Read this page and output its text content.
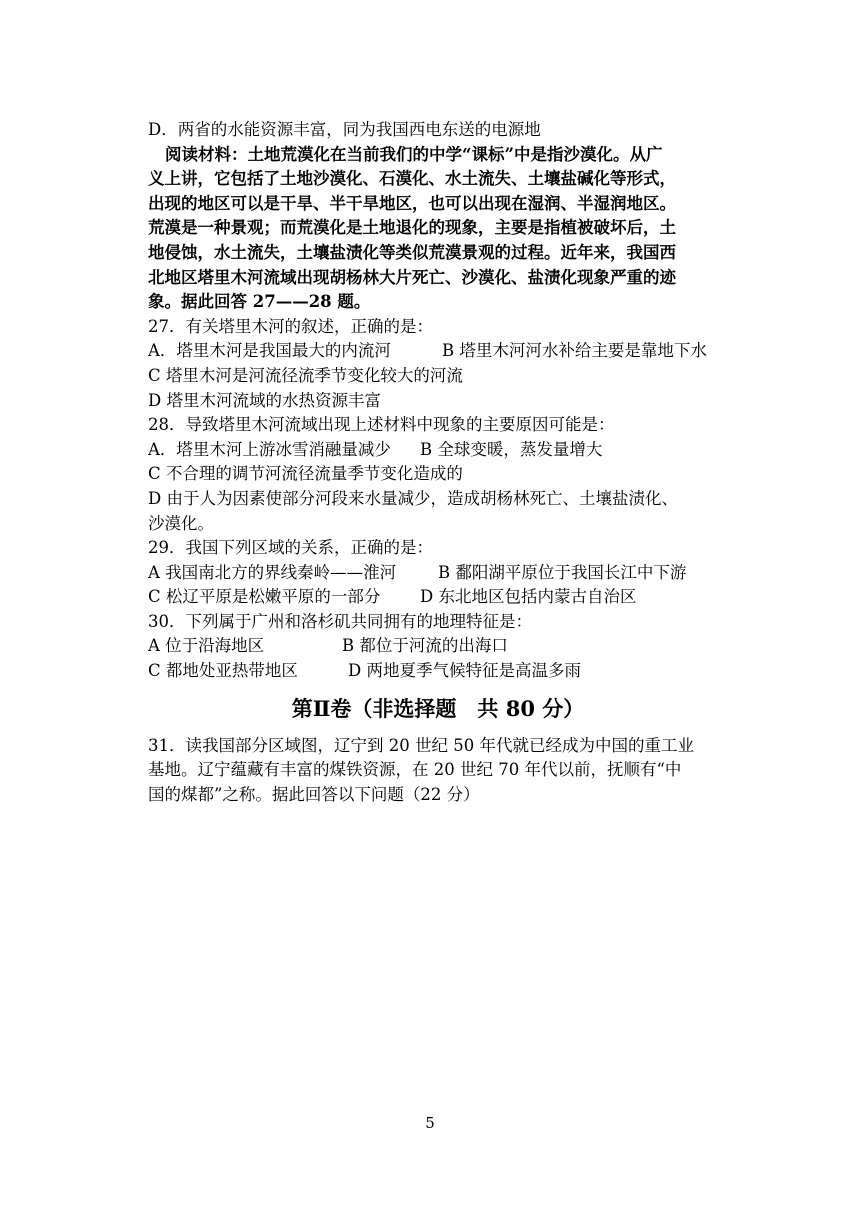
D．两省的水能资源丰富，同为我国西电东送的电源地
阅读材料：土地荒漠化在当前我们的中学“课标”中是指沙漠化。从广
义上讲，它包括了土地沙漠化、石漠化、水土流失、土壤盐碱化等形式，
出现的地区可以是干旱、半干旱地区，也可以出现在湿润、半湿润地区。
荒漠是一种景观；而荒漠化是土地退化的现象，主要是指植被破坏后，土
地侵蚀，水土流失，土壤盐渍化等类似荒漠景观的过程。近年来，我国西
北地区塔里木河流域出现胡杨林大片死亡、沙漠化、盐渍化现象严重的迹
象。据此回答 27——28 题。
27．有关塔里木河的叙述，正确的是：
A．塔里木河是我国最大的内流河	B 塔里木河河水补给主要是靠地下水
C 塔里木河是河流径流季节变化较大的河流
D 塔里木河流域的水热资源丰富
28．导致塔里木河流域出现上述材料中现象的主要原因可能是：
A．塔里木河上游冰雪消融量减少	B 全球变暖，蒸发量增大
C 不合理的调节河流径流量季节变化造成的
D 由于人为因素使部分河段来水量减少，造成胡杨林死亡、土壤盐渍化、
沙漠化。
29．我国下列区域的关系，正确的是：
A 我国南北方的界线秦岭——淮河	B 鄱阳湖平原位于我国长江中下游
C 松辽平原是松嫩平原的一部分	D 东北地区包括内蒙古自治区
30．下列属于广州和洛杉矶共同拥有的地理特征是：
A 位于沿海地区	B 都位于河流的出海口
C 都地处亚热带地区	D 两地夏季气候特征是高温多雨
第Ⅱ卷（非选择题　共 80 分）
31．读我国部分区域图，辽宁到 20 世纪 50 年代就已经成为中国的重工业
基地。辽宁蕴藏有丰富的煤铁资源，在 20 世纪 70 年代以前，抚顺有“中
国的煤都”之称。据此回答以下问题（22 分）
5
